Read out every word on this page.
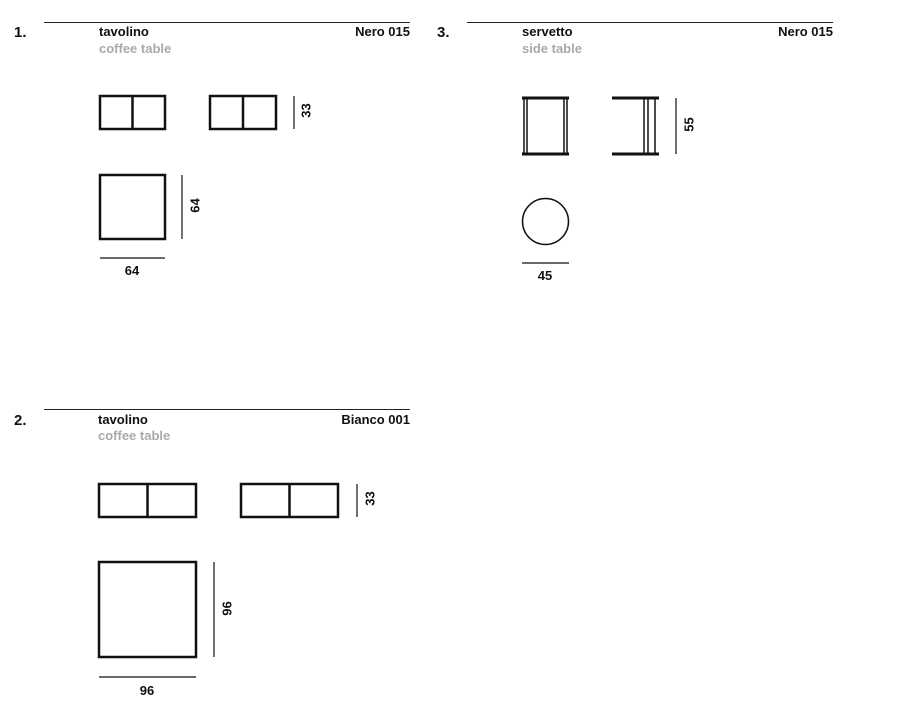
1.	tavolino
coffee table
Nero 015
2.	tavolino
coffee table
Bianco 001
3.	servetto
side table
Nero 015
33
64
64
33
96
96
55
45
